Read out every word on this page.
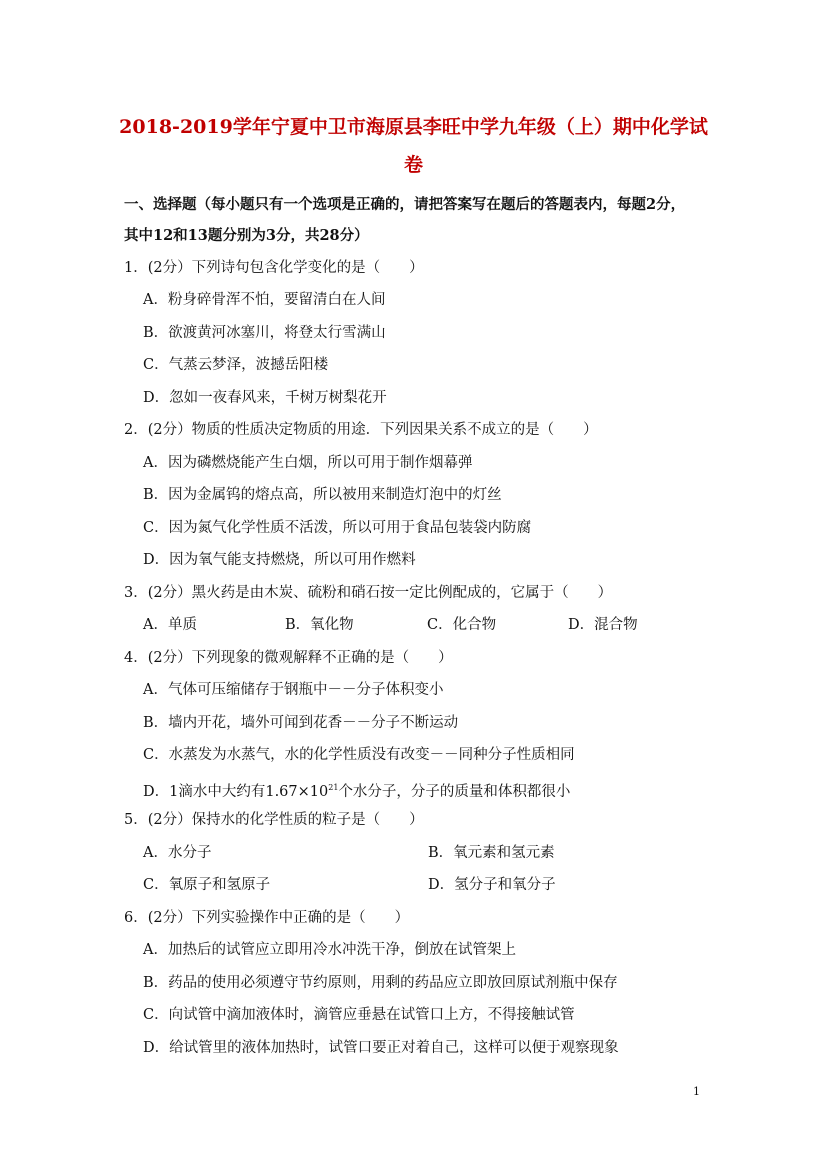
2018-2019学年宁夏中卫市海原县李旺中学九年级（上）期中化学试
卷
一、选择题（每小题只有一个选项是正确的，请把答案写在题后的答题表内，每题2分，
其中12和13题分别为3分，共28分）
1．(2分）下列诗句包含化学变化的是（　　）
A．粉身碎骨浑不怕，要留清白在人间
B．欲渡黄河冰塞川，将登太行雪满山
C．气蒸云梦泽，波撼岳阳楼
D．忽如一夜春风来，千树万树梨花开
2．(2分）物质的性质决定物质的用途．下列因果关系不成立的是（　　）
A．因为磷燃烧能产生白烟，所以可用于制作烟幕弹
B．因为金属钨的熔点高，所以被用来制造灯泡中的灯丝
C．因为氮气化学性质不活泼，所以可用于食品包装袋内防腐
D．因为氧气能支持燃烧，所以可用作燃料
3．(2分）黑火药是由木炭、硫粉和硝石按一定比例配成的，它属于（　　）
A．单质	B．氧化物	C．化合物	D．混合物
4．(2分）下列现象的微观解释不正确的是（　　）
A．气体可压缩储存于钢瓶中－－分子体积变小
B．墙内开花，墙外可闻到花香－－分子不断运动
C．水蒸发为水蒸气，水的化学性质没有改变－－同种分子性质相同
D．1滴水中大约有$1.67\times 10^{21}$个水分子，分子的质量和体积都很小
5．(2分）保持水的化学性质的粒子是（　　）
A．水分子	B．氧元素和氢元素
C．氧原子和氢原子	D．氢分子和氧分子
6．(2分）下列实验操作中正确的是（　　）
A．加热后的试管应立即用冷水冲洗干净，倒放在试管架上
B．药品的使用必须遵守节约原则，用剩的药品应立即放回原试剂瓶中保存
C．向试管中滴加液体时，滴管应垂悬在试管口上方，不得接触试管
D．给试管里的液体加热时，试管口要正对着自己，这样可以便于观察现象
1
